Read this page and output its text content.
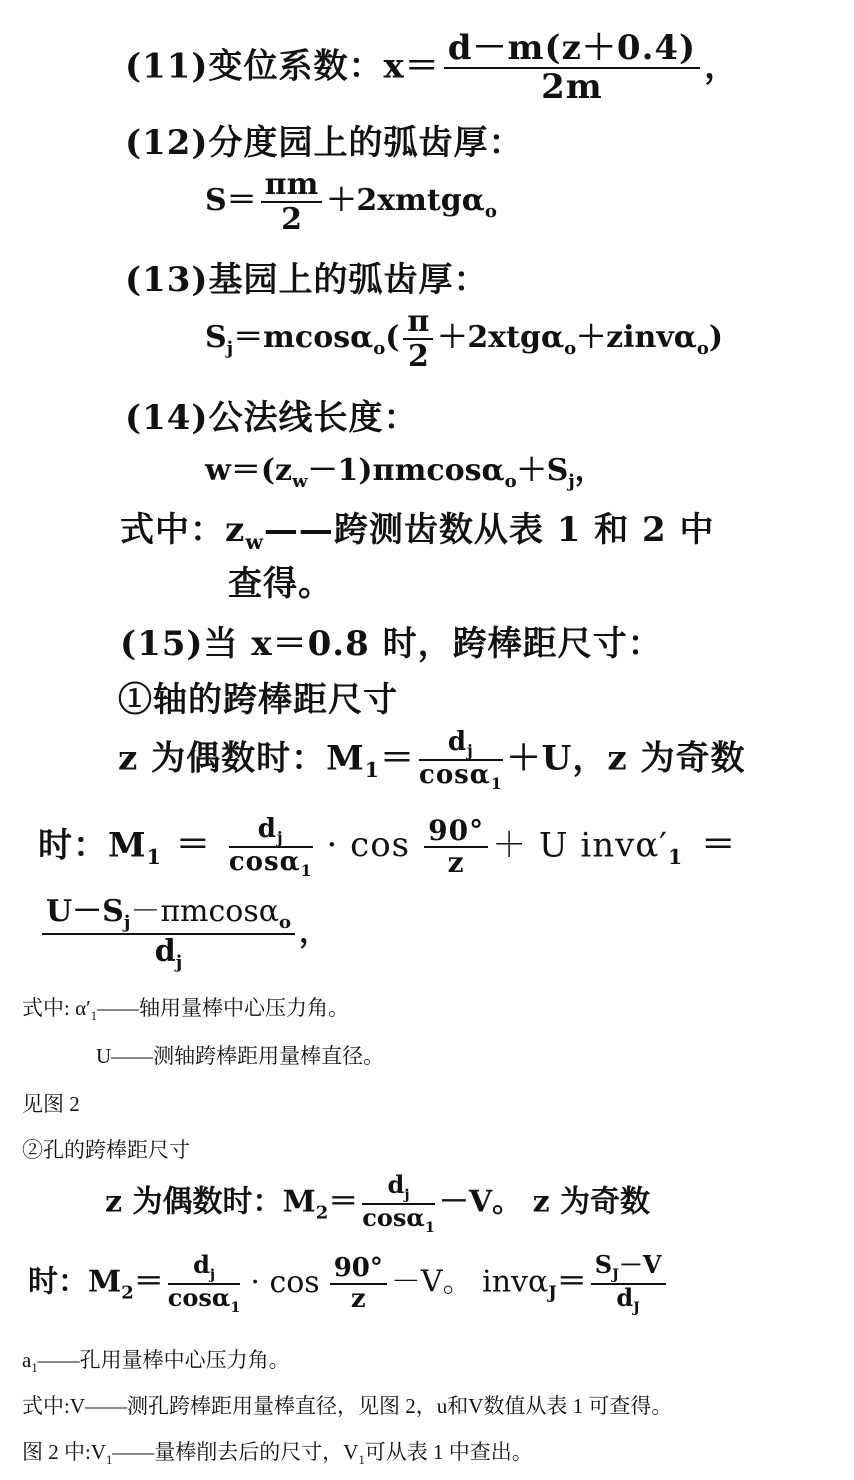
(11)变位系数：$x= \frac{d-m(z+0.4)}{2m}$ ，
(12)分度园上的弧齿厚：
$S= \frac{\pi m}{2}$ ＋2xmtgα$_o$
(13)基园上的弧齿厚：
$S_j=mcos\alpha_o( \frac{\pi}{2}$ ＋2xtgα$_o$＋zinvα$_o$)
(14)公法线长度：
$w=(z_w-1)\pi mcos\alpha_o+S_j$，
式中：$z_w——$跨测齿数从表 1 和 2 中
查得。
(15)当 x＝0.8 时，跨棒距尺寸：
①轴的跨棒距尺寸
z 为偶数时：$M_1= \frac{d_j}{\cos\alpha_1} +U$，z 为奇数
时：$M_1 = \frac{d_j}{\cos\alpha_1} \cdot \cos \frac{90^\circ}{z} + U$ $inv\alpha'_1$ ＝
$\frac{U-S_j-\pi mcos\alpha_o}{d_j}$ ，
式中: $\alpha'_1——$轴用量棒中心压力角。
U——测轴跨棒距用量棒直径。
见图 2
②孔的跨棒距尺寸
z 为偶数时：$M_2= \frac{d_j}{\cos\alpha_1} -V$。 z 为奇数
时：$M_2= \frac{d_j}{\cos\alpha_1} \cdot \cos \frac{90^\circ}{z} -V$。 $inv\alpha_J= \frac{S_J-V}{d_J}$
$a_1——$孔用量棒中心压力角。
式中:V——测孔跨棒距用量棒直径，见图 2，u和V数值从表 1 可查得。
图 2 中$:V_1——$量棒削去后的尺寸，$V_1$可从表 1 中查出。
